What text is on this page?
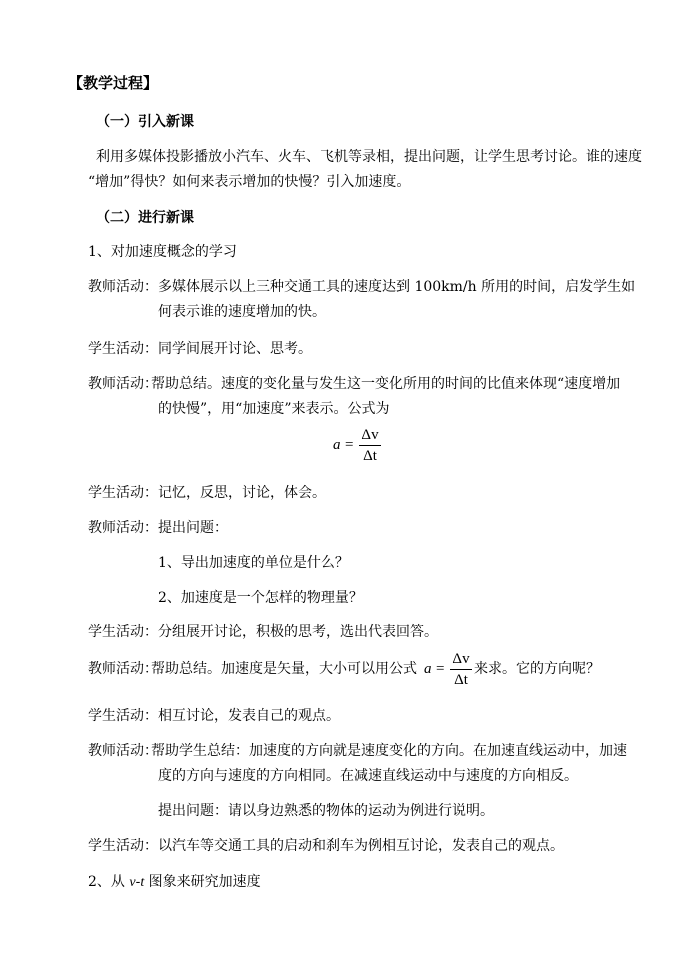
【教学过程】
（一）引入新课
利用多媒体投影播放小汽车、火车、飞机等录相，提出问题，让学生思考讨论。谁的速度
“增加”得快？如何来表示增加的快慢？引入加速度。
（二）进行新课
1、对加速度概念的学习
教师活动： 多媒体展示以上三种交通工具的速度达到 100km/h 所用的时间，启发学生如
何表示谁的速度增加的快。
学生活动： 同学间展开讨论、思考。
教师活动：
帮助总结。速度的变化量与发生这一变化所用的时间的比值来体现“速度增加
的快慢”，用“加速度”来表示。公式为
a =
Δv
Δt
学生活动： 记忆，反思，讨论，体会。
教师活动： 提出问题：
1、导出加速度的单位是什么？
2、加速度是一个怎样的物理量？
学生活动： 分组展开讨论，积极的思考，选出代表回答。
教师活动：
帮助总结。加速度是矢量，大小可以用公式 a =
Δv
Δt
来求。它的方向呢？
学生活动： 相互讨论，发表自己的观点。
教师活动：
帮助学生总结：加速度的方向就是速度变化的方向。在加速直线运动中，加速
度的方向与速度的方向相同。在减速直线运动中与速度的方向相反。
提出问题：请以身边熟悉的物体的运动为例进行说明。
学生活动： 以汽车等交通工具的启动和刹车为例相互讨论，发表自己的观点。
2、从 v-t 图象来研究加速度
